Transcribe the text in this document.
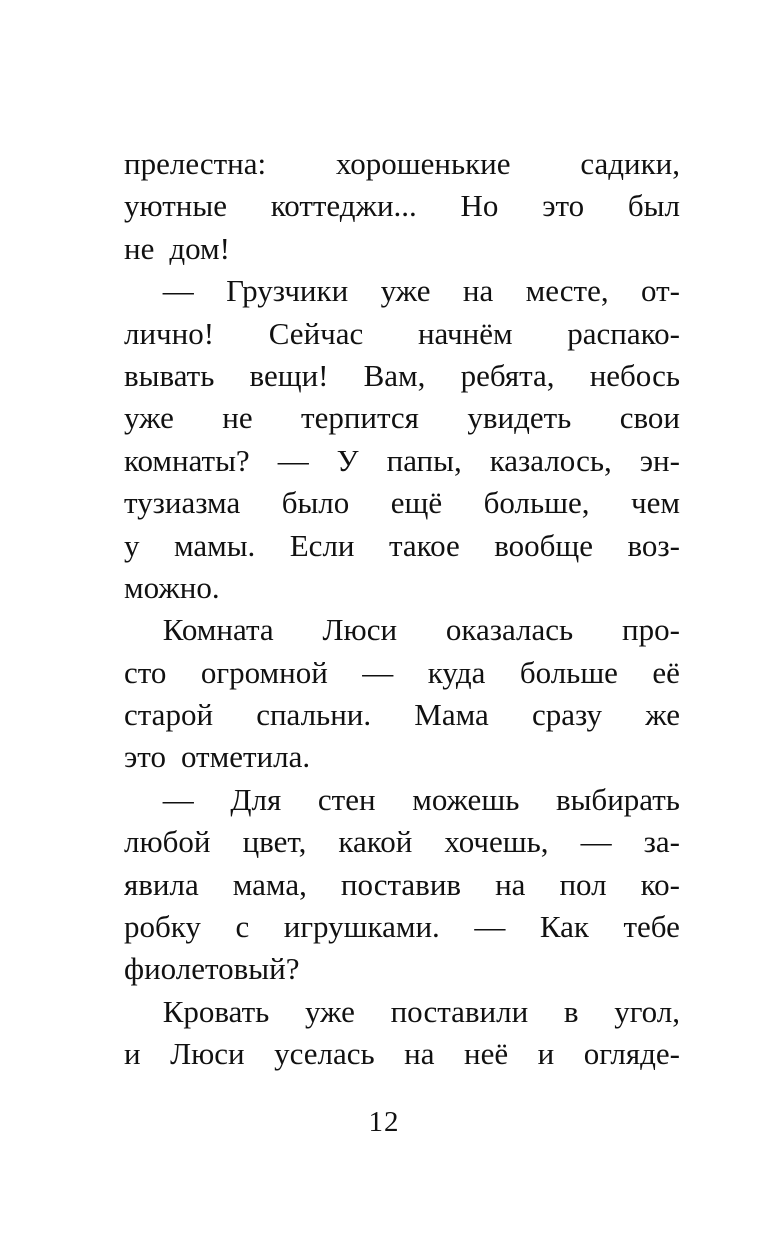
прелестна: хорошенькие садики,
уютные коттеджи... Но это был
не дом!
— Грузчики уже на месте, от-
лично! Сейчас начнём распако-
вывать вещи! Вам, ребята, небось
уже не терпится увидеть свои
комнаты? — У папы, казалось, эн-
тузиазма было ещё больше, чем
у мамы. Если такое вообще воз-
можно.
Комната Люси оказалась про-
сто огромной — куда больше её
старой спальни. Мама сразу же
это отметила.
— Для стен можешь выбирать
любой цвет, какой хочешь, — за-
явила мама, поставив на пол ко-
робку с игрушками. — Как тебе
фиолетовый?
Кровать уже поставили в угол,
и Люси уселась на неё и огляде-
12
